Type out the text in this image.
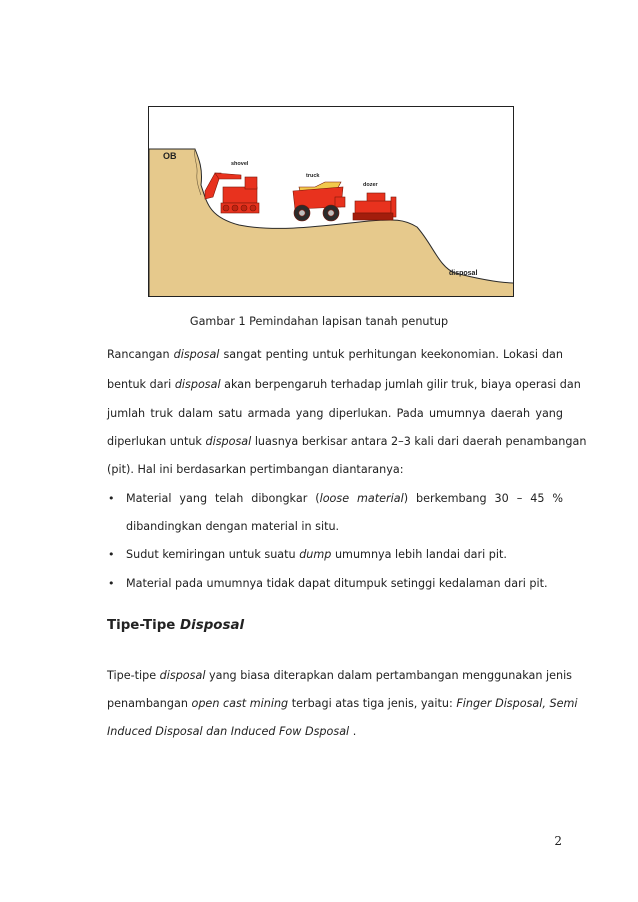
shovel
truck
dozer
OB
disposal
Gambar 1 Pemindahan lapisan tanah penutup
Rancangan disposal sangat penting untuk perhitungan keekonomian. Lokasi dan
bentuk dari disposal akan berpengaruh terhadap jumlah gilir truk, biaya operasi dan
jumlah truk dalam satu armada yang diperlukan. Pada umumnya daerah yang
diperlukan untuk disposal luasnya berkisar antara 2–3 kali dari daerah penambangan
(pit). Hal ini berdasarkan pertimbangan diantaranya:
• Material yang telah dibongkar (loose material) berkembang 30 – 45 %
dibandingkan dengan material in situ.
• Sudut kemiringan untuk suatu dump umumnya lebih landai dari pit.
• Material pada umumnya tidak dapat ditumpuk setinggi kedalaman dari pit.
Tipe-Tipe Disposal
Tipe-tipe disposal yang biasa diterapkan dalam pertambangan menggunakan jenis
penambangan open cast mining terbagi atas tiga jenis, yaitu: Finger Disposal, Semi
Induced Disposal dan Induced Fow Dsposal .
2
